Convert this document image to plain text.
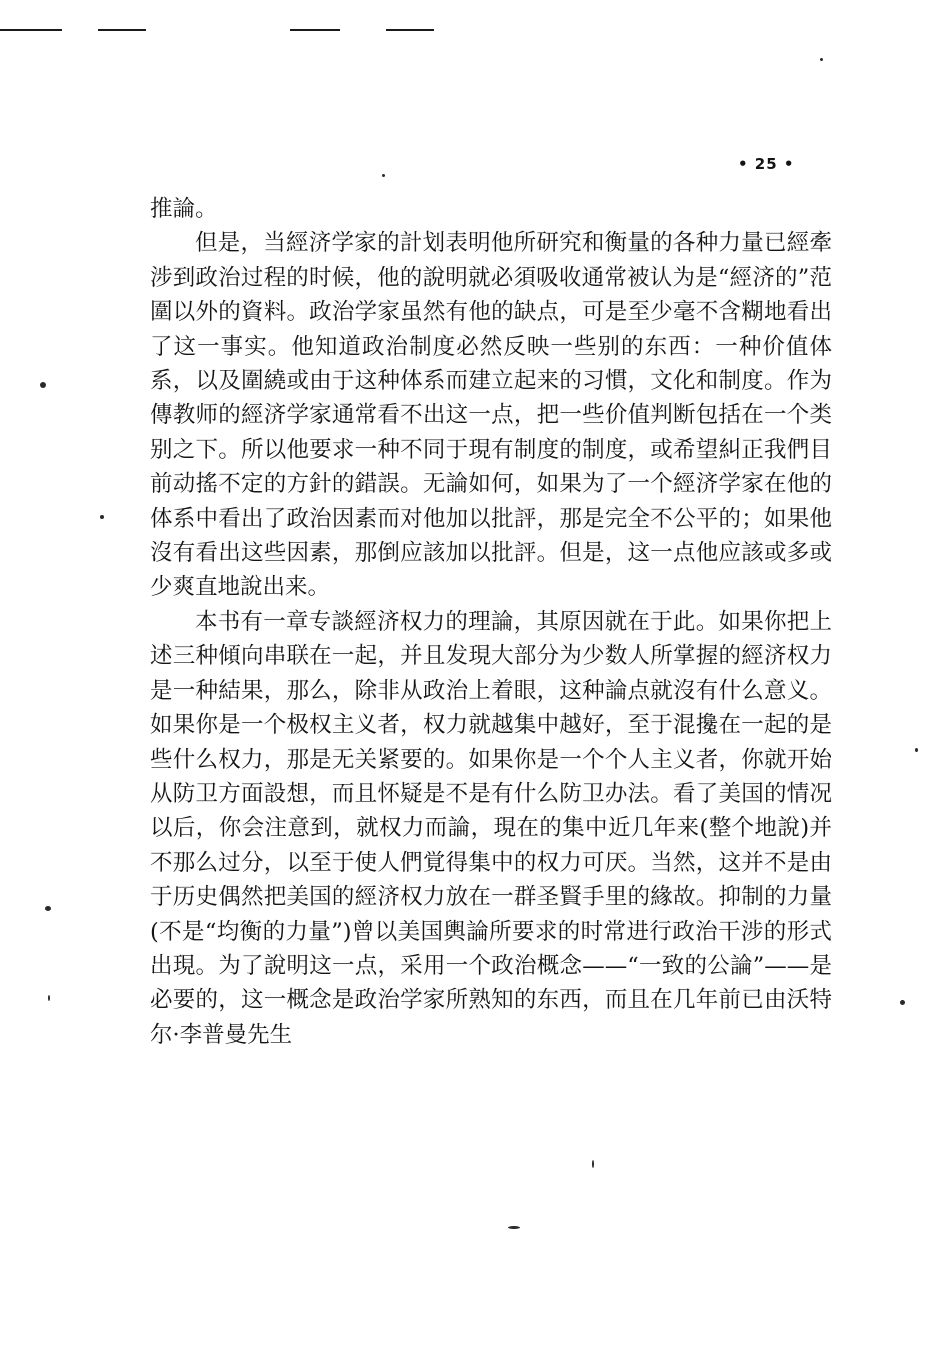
• 25 •

推論。

但是，当經济学家的計划表明他所研究和衡量的各种力量已經牽涉到政治过程的时候，他的說明就必須吸收通常被认为是“經济的”范圍以外的資料。政治学家虽然有他的缺点，可是至少毫不含糊地看出了这一事实。他知道政治制度必然反映一些别的东西：一种价值体系，以及圍繞或由于这种体系而建立起来的习慣，文化和制度。作为傳教师的經济学家通常看不出这一点，把一些价值判断包括在一个类别之下。所以他要求一种不同于現有制度的制度，或希望糾正我們目前动搖不定的方針的錯誤。无論如何，如果为了一个經济学家在他的体系中看出了政治因素而对他加以批評，那是完全不公平的；如果他沒有看出这些因素，那倒应該加以批評。但是，这一点他应該或多或少爽直地說出来。

本书有一章专談經济权力的理論，其原因就在于此。如果你把上述三种傾向串联在一起，并且发現大部分为少数人所掌握的經济权力是一种結果，那么，除非从政治上着眼，这种論点就沒有什么意义。如果你是一个极权主义者，权力就越集中越好，至于混攙在一起的是些什么权力，那是无关紧要的。如果你是一个个人主义者，你就开始从防卫方面設想，而且怀疑是不是有什么防卫办法。看了美国的情况以后，你会注意到，就权力而論，現在的集中近几年来(整个地說)并不那么过分，以至于使人們覚得集中的权力可厌。当然，这并不是由于历史偶然把美国的經济权力放在一群圣賢手里的緣故。抑制的力量(不是“均衡的力量”)曾以美国輿論所要求的时常进行政治干涉的形式出現。为了說明这一点，采用一个政治概念——“一致的公論”——是必要的，这一概念是政治学家所熟知的东西，而且在几年前已由沃特尔·李普曼先生
